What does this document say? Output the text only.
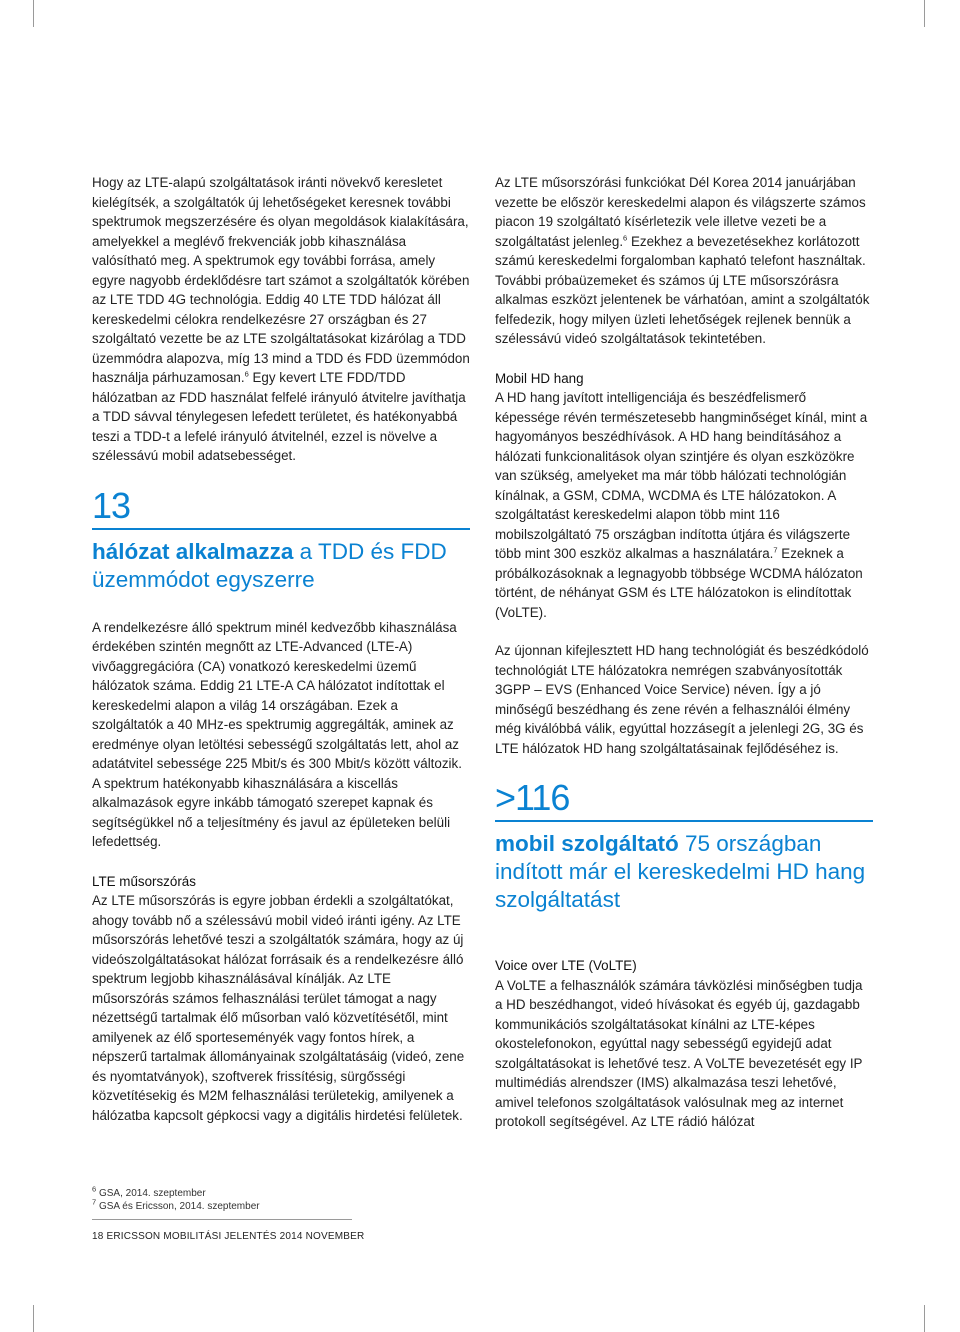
Hogy az LTE-alapú szolgáltatások iránti növekvő keresletet kielégítsék, a szolgáltatók új lehetőségeket keresnek további spektrumok megszerzésére és olyan megoldások kialakítására, amelyekkel a meglévő frekvenciák jobb kihasználása valósítható meg. A spektrumok egy további forrása, amely egyre nagyobb érdeklődésre tart számot a szolgáltatók körében az LTE TDD 4G technológia. Eddig 40 LTE TDD hálózat áll kereskedelmi célokra rendelkezésre 27 országban és 27 szolgáltató vezette be az LTE szolgáltatásokat kizárólag a TDD üzemmódra alapozva, míg 13 mind a TDD és FDD üzemmódon használja párhuzamosan.$^6$ Egy kevert LTE FDD/TDD hálózatban az FDD használat felfelé irányuló átvitelre javíthatja a TDD sávval ténylegesen lefedett területet, és hatékonyabbá teszi a TDD-t a lefelé irányuló átvitelnél, ezzel is növelve a szélessávú mobil adatsebességet.

13

hálózat alkalmazza a TDD és FDD üzemmódot egyszerre

A rendelkezésre álló spektrum minél kedvezőbb kihasználása érdekében szintén megnőtt az LTE-Advanced (LTE-A) vivőaggregációra (CA) vonatkozó kereskedelmi üzemű hálózatok száma. Eddig 21 LTE-A CA hálózatot indítottak el kereskedelmi alapon a világ 14 országában. Ezek a szolgáltatók a 40 MHz-es spektrumig aggregálták, aminek az eredménye olyan letöltési sebességű szolgáltatás lett, ahol az adatátvitel sebessége 225 Mbit/s és 300 Mbit/s között változik. A spektrum hatékonyabb kihasználására a kiscellás alkalmazások egyre inkább támogató szerepet kapnak és segítségükkel nő a teljesítmény és javul az épületeken belüli lefedettség.

LTE műsorszórás

Az LTE műsorszórás is egyre jobban érdekli a szolgáltatókat, ahogy tovább nő a szélessávú mobil videó iránti igény. Az LTE műsorszórás lehetővé teszi a szolgáltatók számára, hogy az új videószolgáltatásokat hálózat forrásaik és a rendelkezésre álló spektrum legjobb kihasználásával kínálják. Az LTE műsorszórás számos felhasználási terület támogat a nagy nézettségű tartalmak élő műsorban való közvetítésétől, mint amilyenek az élő sporteseményék vagy fontos hírek, a népszerű tartalmak állományainak szolgáltatásáig (videó, zene és nyomtatványok), szoftverek frissítésig, sürgősségi közvetítésekig és M2M felhasználási területekig, amilyenek a hálózatba kapcsolt gépkocsi vagy a digitális hirdetési felületek.

Az LTE műsorszórási funkciókat Dél Korea 2014 januárjában vezette be először kereskedelmi alapon és világszerte számos piacon 19 szolgáltató kísérletezik vele illetve vezeti be a szolgáltatást jelenleg.$^6$ Ezekhez a bevezetésekhez korlátozott számú kereskedelmi forgalomban kapható telefont használtak. További próbaüzemeket és számos új LTE műsorszórásra alkalmas eszközt jelentenek be várhatóan, amint a szolgáltatók felfedezik, hogy milyen üzleti lehetőségek rejlenek bennük a szélessávú videó szolgáltatások tekintetében.

Mobil HD hang

A HD hang javított intelligenciája és beszédfelismerő képessége révén természetesebb hangminőséget kínál, mint a hagyományos beszédhívások. A HD hang beindításához a hálózati funkcionalitások olyan szintjére és olyan eszközökre van szükség, amelyeket ma már több hálózati technológián kínálnak, a GSM, CDMA, WCDMA és LTE hálózatokon. A szolgáltatást kereskedelmi alapon több mint 116 mobilszolgáltató 75 országban indította útjára és világszerte több mint 300 eszköz alkalmas a használatára.$^7$ Ezeknek a próbálkozásoknak a legnagyobb többsége WCDMA hálózaton történt, de néhányat GSM és LTE hálózatokon is elindítottak (VoLTE).

Az újonnan kifejlesztett HD hang technológiát és beszédkódoló technológiát LTE hálózatokra nemrégen szabványosították 3GPP – EVS (Enhanced Voice Service) néven. Így a jó minőségű beszédhang és zene révén a felhasználói élmény még kiválóbbá válik, egyúttal hozzásegít a jelenlegi 2G, 3G és LTE hálózatok HD hang szolgáltatásainak fejlődéséhez is.

>116

mobil szolgáltató 75 országban indított már el kereskedelmi HD hang szolgáltatást

Voice over LTE (VoLTE)

A VoLTE a felhasználók számára távközlési minőségben tudja a HD beszédhangot, videó hívásokat és egyéb új, gazdagabb kommunikációs szolgáltatásokat kínálni az LTE-képes okostelefonokon, egyúttal nagy sebességű egyidejű adat szolgáltatásokat is lehetővé tesz. A VoLTE bevezetését egy IP multimédiás alrendszer (IMS) alkalmazása teszi lehetővé, amivel telefonos szolgáltatások valósulnak meg az internet protokoll segítségével. Az LTE rádió hálózat

$^6$ GSA, 2014. szeptember

$^7$ GSA és Ericsson, 2014. szeptember

18 ERICSSON MOBILITÁSI JELENTÉS 2014 NOVEMBER
